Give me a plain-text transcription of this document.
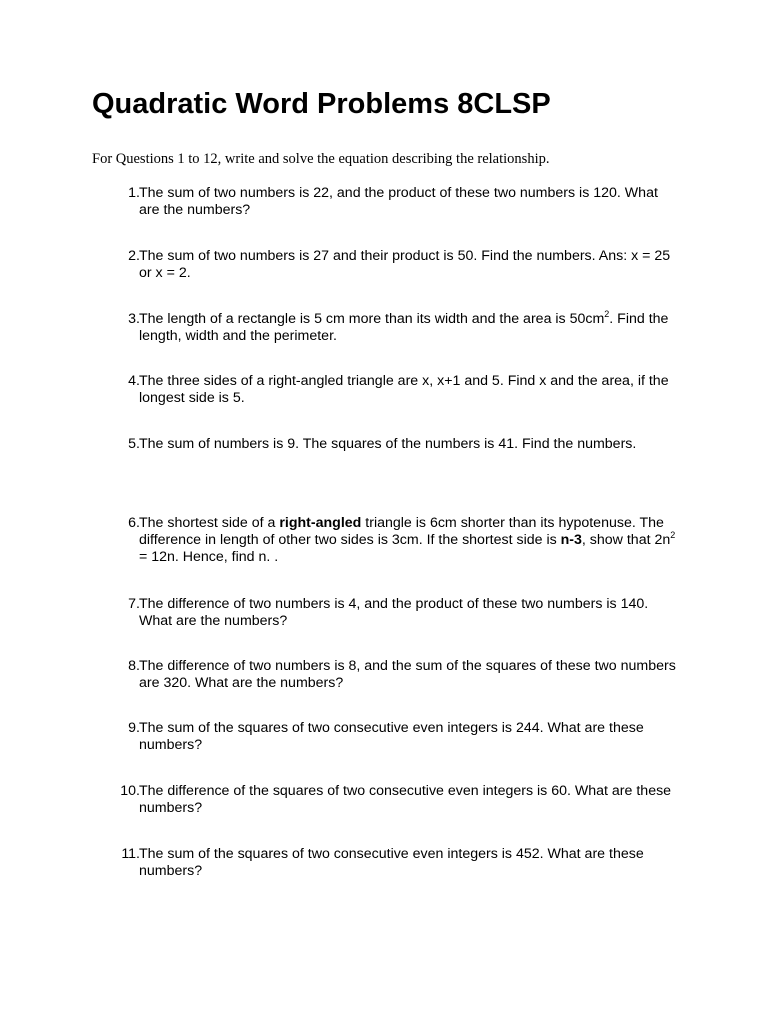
Quadratic Word Problems 8CLSP

For Questions 1 to 12, write and solve the equation describing the relationship.

1. The sum of two numbers is 22, and the product of these two numbers is 120. What are the numbers?
2. The sum of two numbers is 27 and their product is 50. Find the numbers. Ans: x = 25 or x = 2.
3. The length of a rectangle is 5 cm more than its width and the area is $50cm^2$. Find the length, width and the perimeter.
4. The three sides of a right-angled triangle are x, x+1 and 5. Find x and the area, if the longest side is 5.
5. The sum of numbers is 9. The squares of the numbers is 41. Find the numbers.
6. The shortest side of a right-angled triangle is 6cm shorter than its hypotenuse. The difference in length of other two sides is 3cm. If the shortest side is n-3, show that $2n^2 = 12n$. Hence, find n. .
7. The difference of two numbers is 4, and the product of these two numbers is 140. What are the numbers?
8. The difference of two numbers is 8, and the sum of the squares of these two numbers are 320. What are the numbers?
9. The sum of the squares of two consecutive even integers is 244. What are these numbers?
10. The difference of the squares of two consecutive even integers is 60. What are these numbers?
11. The sum of the squares of two consecutive even integers is 452. What are these numbers?
